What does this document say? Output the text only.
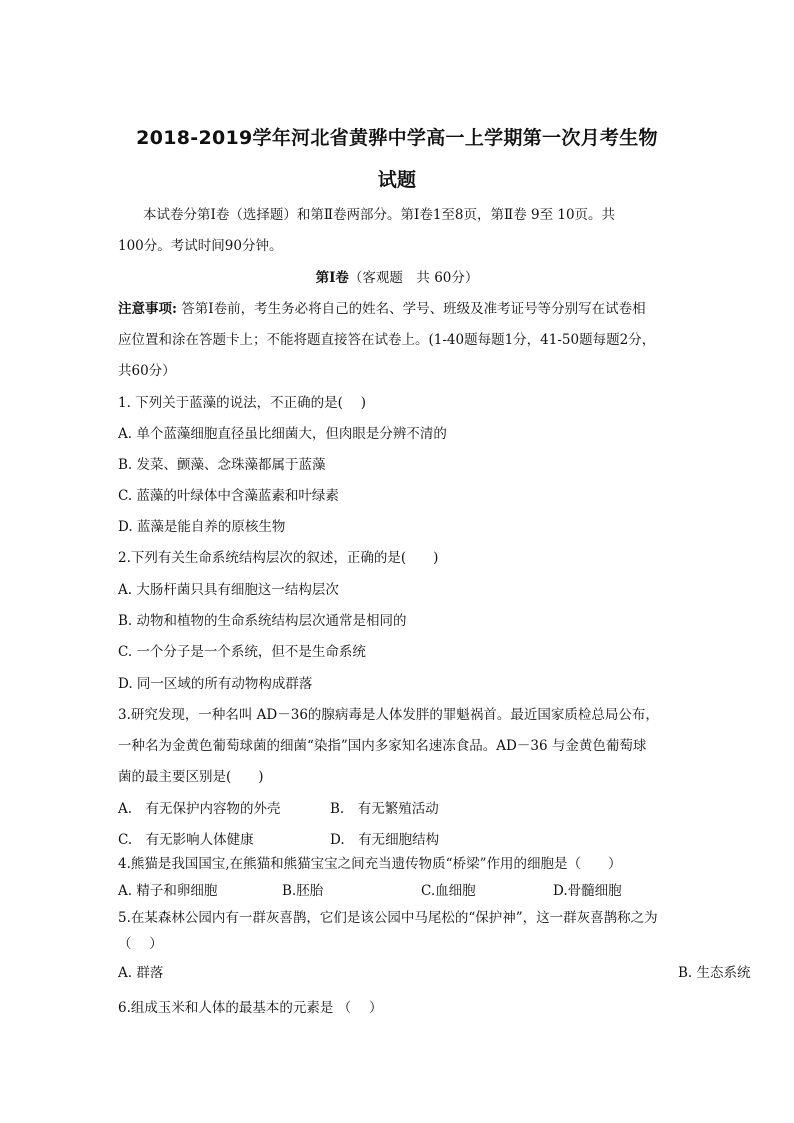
2018-2019学年河北省黄骅中学高一上学期第一次月考生物
试题
本试卷分第Ⅰ卷（选择题）和第Ⅱ卷两部分。第Ⅰ卷1至8页，第Ⅱ卷 9至 10页。共
100分。考试时间90分钟。
第Ⅰ卷（客观题　共 60分）
注意事项: 答第Ⅰ卷前，考生务必将自己的姓名、学号、班级及准考证号等分别写在试卷相
应位置和涂在答题卡上；不能将题直接答在试卷上。(1-40题每题1分，41-50题每题2分，
共60分）
1. 下列关于蓝藻的说法，不正确的是(　 )
A. 单个蓝藻细胞直径虽比细菌大，但肉眼是分辨不清的
B. 发菜、颤藻、念珠藻都属于蓝藻
C. 蓝藻的叶绿体中含藻蓝素和叶绿素
D. 蓝藻是能自养的原核生物
2.下列有关生命系统结构层次的叙述，正确的是(　　)
A. 大肠杆菌只具有细胞这一结构层次
B. 动物和植物的生命系统结构层次通常是相同的
C. 一个分子是一个系统，但不是生命系统
D. 同一区域的所有动物构成群落
3.研究发现，一种名叫 AD－36的腺病毒是人体发胖的罪魁祸首。最近国家质检总局公布，
一种名为金黄色葡萄球菌的细菌“染指”国内多家知名速冻食品。AD－36 与金黄色葡萄球
菌的最主要区别是(　　)
A.　有无保护内容物的外壳	B.　有无繁殖活动
C.　有无影响人体健康	D.　有无细胞结构
4.熊猫是我国国宝,在熊猫和熊猫宝宝之间充当遗传物质“桥梁”作用的细胞是（　　）
A. 精子和卵细胞	B.胚胎	C.血细胞	D.骨髓细胞
5.在某森林公园内有一群灰喜鹊，它们是该公园中马尾松的“保护神”，这一群灰喜鹊称之为
（　 ）
A. 群落	B. 生态系统
6.组成玉米和人体的最基本的元素是 （　 ）
